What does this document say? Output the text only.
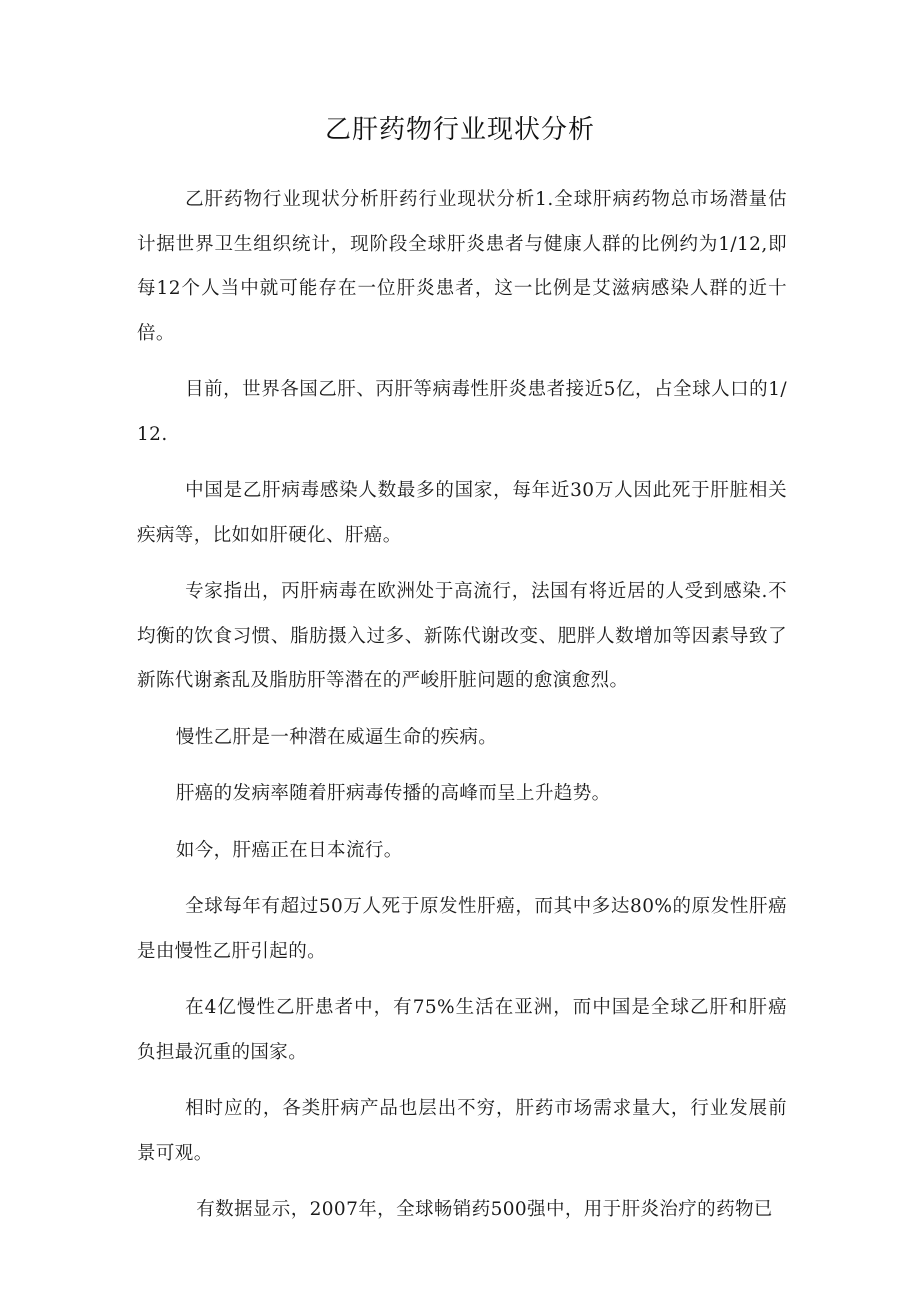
乙肝药物行业现状分析

乙肝药物行业现状分析肝药行业现状分析1.全球肝病药物总市场潜量估计据世界卫生组织统计，现阶段全球肝炎患者与健康人群的比例约为1/12,即每12个人当中就可能存在一位肝炎患者，这一比例是艾滋病感染人群的近十倍。

目前，世界各国乙肝、丙肝等病毒性肝炎患者接近5亿，占全球人口的1/12.

中国是乙肝病毒感染人数最多的国家，每年近30万人因此死于肝脏相关疾病等，比如如肝硬化、肝癌。

专家指出，丙肝病毒在欧洲处于高流行，法国有将近居的人受到感染.不均衡的饮食习惯、脂肪摄入过多、新陈代谢改变、肥胖人数增加等因素导致了新陈代谢紊乱及脂肪肝等潜在的严峻肝脏问题的愈演愈烈。

慢性乙肝是一种潜在威逼生命的疾病。

肝癌的发病率随着肝病毒传播的高峰而呈上升趋势。

如今，肝癌正在日本流行。

全球每年有超过50万人死于原发性肝癌，而其中多达80%的原发性肝癌是由慢性乙肝引起的。

在4亿慢性乙肝患者中，有75%生活在亚洲，而中国是全球乙肝和肝癌负担最沉重的国家。

相时应的，各类肝病产品也层出不穷，肝药市场需求量大，行业发展前景可观。

有数据显示，2007年，全球畅销药500强中，用于肝炎治疗的药物已
